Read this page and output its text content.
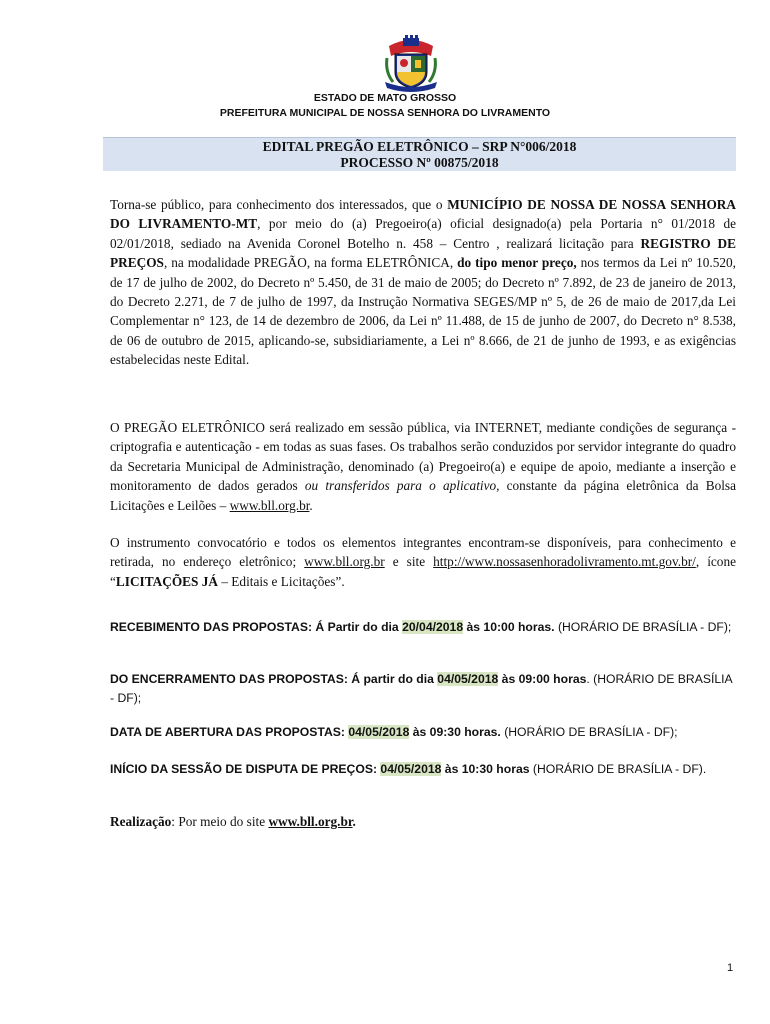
ESTADO DE MATO GROSSO
PREFEITURA MUNICIPAL DE NOSSA SENHORA DO LIVRAMENTO
EDITAL PREGÃO ELETRÔNICO – SRP N°006/2018
PROCESSO Nº 00875/2018
Torna-se público, para conhecimento dos interessados, que o MUNICÍPIO DE NOSSA DE NOSSA SENHORA DO LIVRAMENTO-MT, por meio do (a) Pregoeiro(a) oficial designado(a) pela Portaria n° 01/2018 de 02/01/2018, sediado na Avenida Coronel Botelho n. 458 – Centro , realizará licitação para REGISTRO DE PREÇOS, na modalidade PREGÃO, na forma ELETRÔNICA, do tipo menor preço, nos termos da Lei nº 10.520, de 17 de julho de 2002, do Decreto nº 5.450, de 31 de maio de 2005; do Decreto nº 7.892, de 23 de janeiro de 2013, do Decreto 2.271, de 7 de julho de 1997, da Instrução Normativa SEGES/MP nº 5, de 26 de maio de 2017,da Lei Complementar n° 123, de 14 de dezembro de 2006, da Lei nº 11.488, de 15 de junho de 2007, do Decreto n° 8.538, de 06 de outubro de 2015, aplicando-se, subsidiariamente, a Lei nº 8.666, de 21 de junho de 1993, e as exigências estabelecidas neste Edital.
O PREGÃO ELETRÔNICO será realizado em sessão pública, via INTERNET, mediante condições de segurança - criptografia e autenticação - em todas as suas fases. Os trabalhos serão conduzidos por servidor integrante do quadro da Secretaria Municipal de Administração, denominado (a) Pregoeiro(a) e equipe de apoio, mediante a inserção e monitoramento de dados gerados ou transferidos para o aplicativo, constante da página eletrônica da Bolsa Licitações e Leilões – www.bll.org.br.
O instrumento convocatório e todos os elementos integrantes encontram-se disponíveis, para conhecimento e retirada, no endereço eletrônico; www.bll.org.br e site http://www.nossasenhoradolivramento.mt.gov.br/, ícone “LICITAÇÕES JÁ – Editais e Licitações”.
RECEBIMENTO DAS PROPOSTAS: Á Partir do dia 20/04/2018 às 10:00 horas. (HORÁRIO DE BRASÍLIA - DF);
DO ENCERRAMENTO DAS PROPOSTAS: Á partir do dia 04/05/2018 às 09:00 horas. (HORÁRIO DE BRASÍLIA - DF);
DATA DE ABERTURA DAS PROPOSTAS: 04/05/2018 às 09:30 horas. (HORÁRIO DE BRASÍLIA - DF);
INÍCIO DA SESSÃO DE DISPUTA DE PREÇOS: 04/05/2018 às 10:30 horas (HORÁRIO DE BRASÍLIA - DF).
Realização: Por meio do site www.bll.org.br.
1
